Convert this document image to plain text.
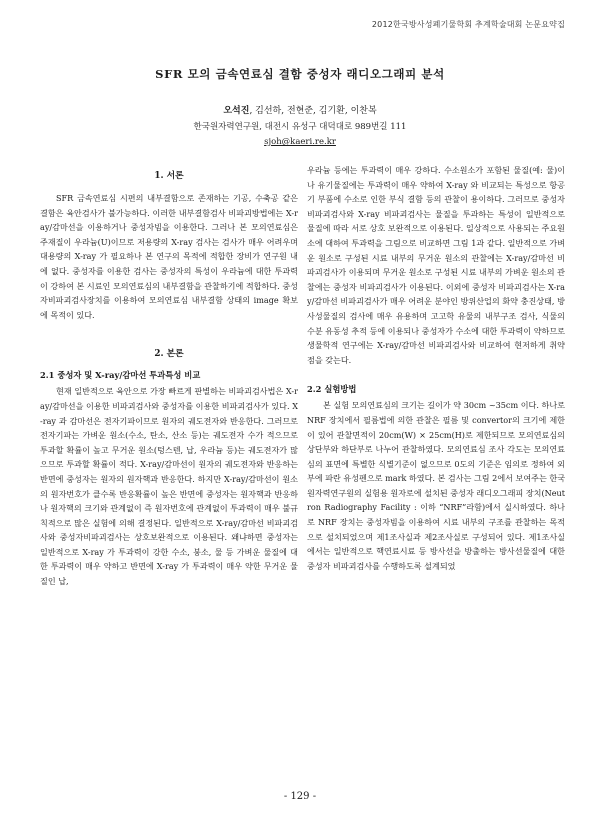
2012한국방사성폐기물학회 추계학술대회 논문요약집
SFR 모의 금속연료심 결함 중성자 래디오그래피 분석
오석진, 김선하, 전현준, 김기환, 이찬복
한국원자력연구원, 대전시 유성구 대덕대로 989번길 111
sjoh@kaeri.re.kr
1. 서론

SFR 금속연료심 시편의 내부결함으로 존재하는 기공, 수축공 같은 결함은 육안검사가 불가능하다. 이러한 내부결함검사 비파괴방법에는 X-ray/감마선을 이용하거나 중성자빔을 이용한다. 그러나 본 모의연료심은 주재질이 우라늄(U)이므로 저용량의 X-ray 검사는 검사가 매우 어려우며 대용량의 X-ray 가 필요하나 본 연구의 목적에 적합한 장비가 연구원 내에 없다. 중성자를 이용한 검사는 중성자의 특성이 우라늄에 대한 투과력이 강하여 본 시료인 모의연료심의 내부결함을 관찰하기에 적합하다. 중성자비파괴검사장치를 이용하여 모의연료심 내부결함 상태의 image 확보에 목적이 있다.

2. 본론
2.1 중성자 및 X-ray/감마선 투과특성 비교

현재 일반적으로 육안으로 가장 빠르게 판별하는 비파괴검사법은 X-ray/감마선을 이용한 비파괴검사와 중성자를 이용한 비파괴검사가 있다. X-ray 과 감마선은 전자기파이므로 원자의 궤도전자와 반응한다. 그러므로 전자기파는 가벼운 원소(수소, 탄소, 산소 등)는 궤도전자 수가 적으므로 투과할 확률이 높고 무거운 원소(텅스텐, 납, 우라늄 등)는 궤도전자가 많으므로 투과할 확률이 적다. X-ray/감마선이 원자의 궤도전자와 반응하는 반면에 중성자는 원자의 원자핵과 반응한다. 하지만 X-ray/감마선이 원소의 원자번호가 클수록 반응확률이 높은 반면에 중성자는 원자핵과 반응하나 원자핵의 크기와 관계없이 즉 원자번호에 관계없이 투과력이 매우 불규칙적으로 많은 실험에 의해 결정된다. 일반적으로 X-ray/감마선 비파괴검사와 중성자비파괴검사는 상호보완적으로 이용된다. 왜냐하면 중성자는 일반적으로 X-ray 가 투과력이 강한 수소, 붕소, 물 등 가벼운 물질에 대한 투과력이 매우 약하고 반면에 X-ray 가 투과력이 매우 약한 무거운 물질인 납,

우라늄 등에는 투과력이 매우 강하다. 수소원소가 포함된 물질(예: 물)이나 유기물질에는 투과력이 매우 약하여 X-ray 와 비교되는 특성으로 항공기 부품에 수소로 인한 부식 결함 등의 관찰이 용이하다. 그러므로 중성자비파괴검사와 X-ray 비파괴검사는 물질을 투과하는 특성이 일반적으로 물질에 따라 서로 상호 보완적으로 이용된다. 일상적으로 사용되는 주요원소에 대하여 투과력을 그림으로 비교하면 그림 1과 같다. 일반적으로 가벼운 원소로 구성된 시료 내부의 무거운 원소의 관찰에는 X-ray/감마선 비파괴검사가 이용되며 무거운 원소로 구성된 시료 내부의 가벼운 원소의 관찰에는 중성자 비파괴검사가 이용된다. 이외에 중성자 비파괴검사는 X-ray/감마선 비파괴검사가 매우 어려운 분야인 방위산업의 화약 충진상태, 방사성물질의 검사에 매우 유용하며 고고학 유물의 내부구조 검사, 식물의 수분 유동성 추적 등에 이용되나 중성자가 수소에 대한 투과력이 약하므로 생물학적 연구에는 X-ray/감마선 비파괴검사와 비교하여 현저하게 취약점을 갖는다.

2.2 실험방법

본 실험 모의연료심의 크기는 길이가 약 30cm ~35cm 이다. 하나로 NRF 장치에서 필름법에 의한 관찰은 필름 및 convertor의 크기에 제한이 있어 관찰면적이 20cm(W) × 25cm(H)로 제한되므로 모의연료심의 상단부와 하단부로 나누어 관찰하였다. 모의연료심 조사 각도는 모의연료심의 표면에 특별한 식별기준이 없으므로 0도의 기준은 임의로 정하여 외부에 파란 유성펜으로 mark 하였다. 본 검사는 그림 2에서 보여주는 한국원자력연구원의 실험용 원자로에 설치된 중성자 래디오그래피 장치(Neutron Radiography Facility : 이하 “NRF”라함)에서 실시하였다. 하나로 NRF 장치는 중성자빔을 이용하여 시료 내부의 구조를 관찰하는 목적으로 설치되었으며 제1조사실과 제2조사실로 구성되어 있다. 제1조사실에서는 일반적으로 핵연료시료 등 방사선을 방출하는 방사선물질에 대한 중성자 비파괴검사를 수행하도록 설계되었

- 129 -
